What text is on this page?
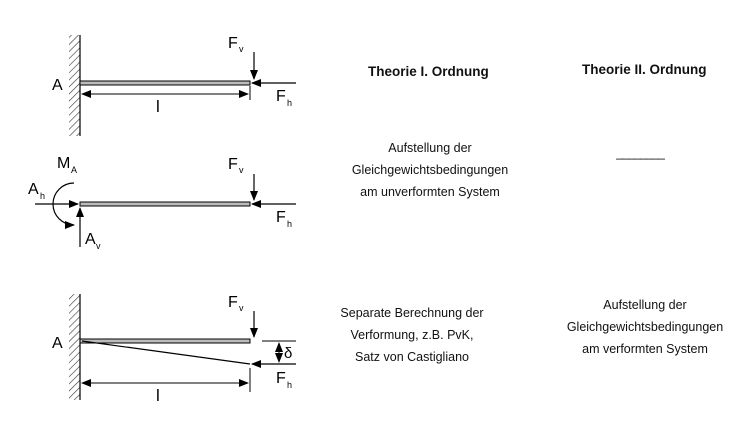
A
F v
F h
l
A h
A v
M A	F v
F h
A
F v
F h
δ
l
Theorie I. Ordnung	Theorie II. Ordnung
Aufstellung der
Gleichgewichtsbedingungen
am unverformten System
________
Separate Berechnung der
Verformung, z.B. PvK,
Satz von Castigliano
Aufstellung der
Gleichgewichtsbedingungen
am verformten System
